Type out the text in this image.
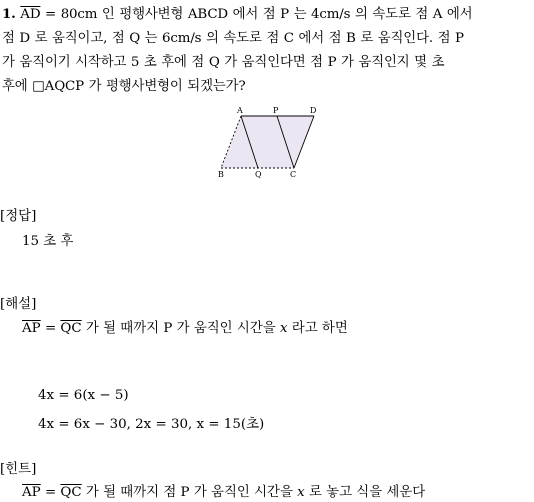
1. $\overline{AD} = 80cm$ 인 평행사변형 ABCD 에서 점 P 는 4cm/s 의 속도로 점 A 에서
점 D 로 움직이고, 점 Q 는 6cm/s 의 속도로 점 C 에서 점 B 로 움직인다. 점 P
가 움직이기 시작하고 5 초 후에 점 Q 가 움직인다면 점 P 가 움직인지 몇 초
후에 □AQCP 가 평행사변형이 되겠는가?
A	P	D
B	Q	C
[정답]
15 초 후
[해설]
$\overline{AP} = \overline{QC}$ 가 될 때까지 P 가 움직인 시간을 x 라고 하면
4x = 6(x − 5)
4x = 6x − 30, 2x = 30, x = 15(초)
[힌트]
$\overline{AP} = \overline{QC}$ 가 될 때까지 점 P 가 움직인 시간을 x 로 놓고 식을 세운다
